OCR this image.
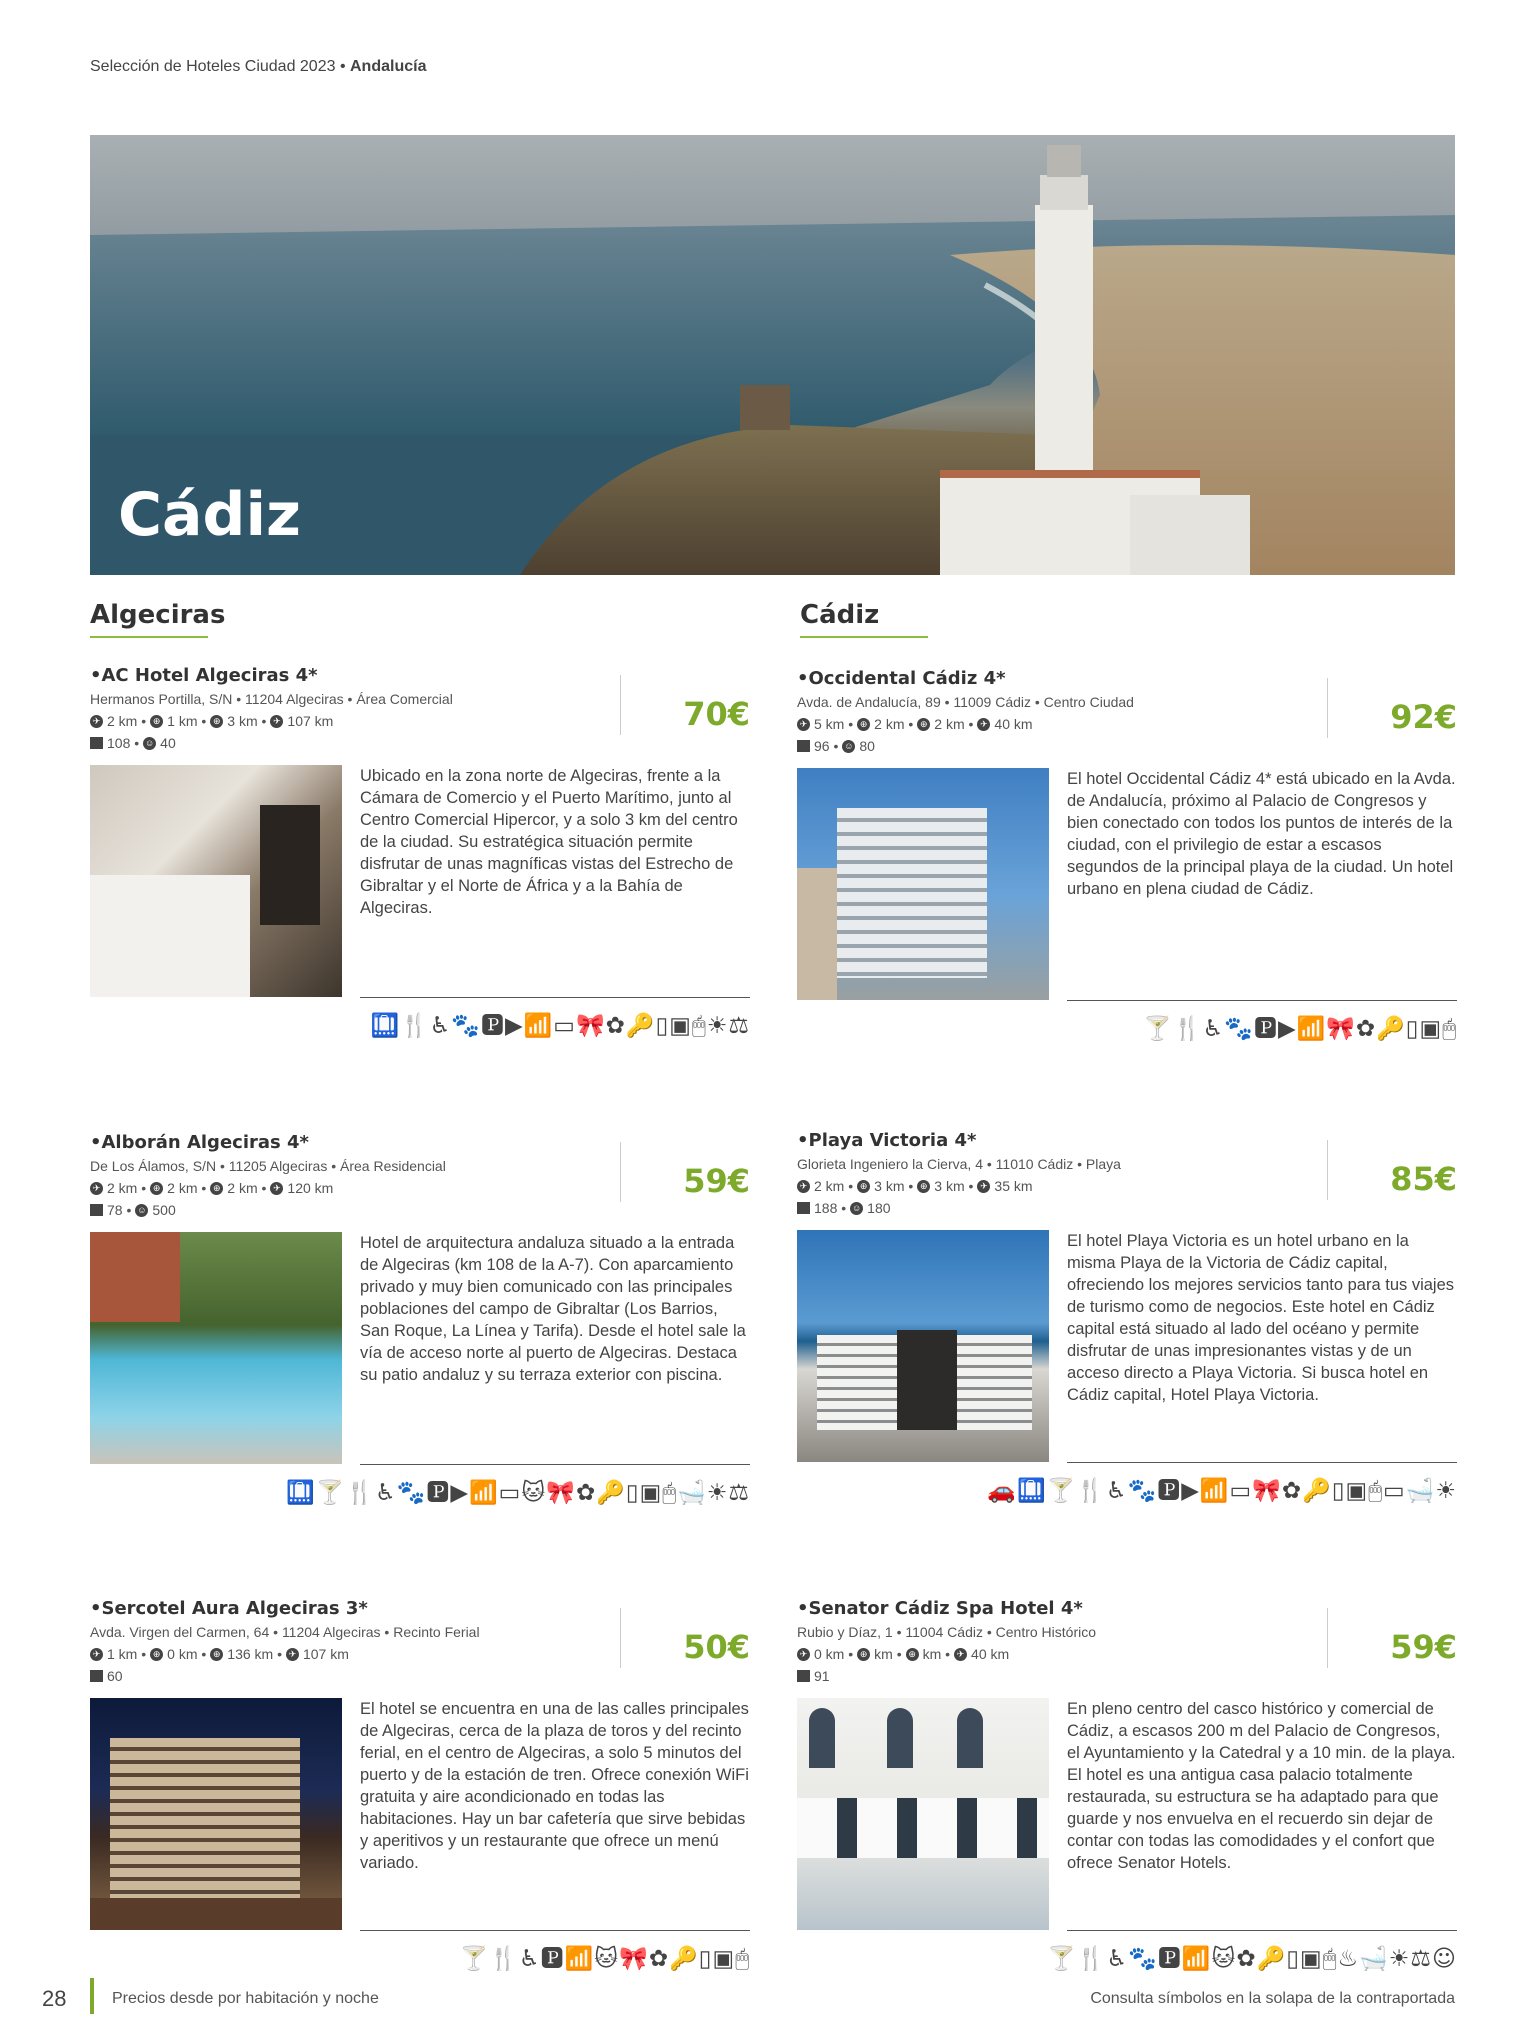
Selección de Hoteles Ciudad 2023 • Andalucía
Cádiz
Algeciras	Cádiz
•AC Hotel Algeciras 4*
Hermanos Portilla, S/N • 11204 Algeciras • Área Comercial
✈ 2 km • ⊕ 1 km • ⊕ 3 km • ✈ 107 km
108 • ☺ 40
70€
Ubicado en la zona norte de Algeciras, frente a la Cámara de Comercio y el Puerto Marítimo, junto al Centro Comercial Hipercor, y a solo 3 km del centro de la ciudad. Su estratégica situación permite disfrutar de unas magníficas vistas del Estrecho de Gibraltar y el Norte de África y a la Bahía de Algeciras.
🛄🍴♿🐾🅿▶📶▭🎀✿🔑▯▣🖱☀⚖
•Occidental Cádiz 4*
Avda. de Andalucía, 89 • 11009 Cádiz • Centro Ciudad
✈ 5 km • ⊕ 2 km • ⊕ 2 km • ✈ 40 km
96 • ☺ 80
92€
El hotel Occidental Cádiz 4* está ubicado en la Avda. de Andalucía, próximo al Palacio de Congresos y bien conectado con todos los puntos de interés de la ciudad, con el privilegio de estar a escasos segundos de la principal playa de la ciudad. Un hotel urbano en plena ciudad de Cádiz.
🍸🍴♿🐾🅿▶📶🎀✿🔑▯▣🖱
•Alborán Algeciras 4*
De Los Álamos, S/N • 11205 Algeciras • Área Residencial
✈ 2 km • ⊕ 2 km • ⊕ 2 km • ✈ 120 km
78 • ☺ 500
59€
Hotel de arquitectura andaluza situado a la entrada de Algeciras (km 108 de la A-7). Con aparcamiento privado y muy bien comunicado con las principales poblaciones del campo de Gibraltar (Los Barrios, San Roque, La Línea y Tarifa). Desde el hotel sale la vía de acceso norte al puerto de Algeciras. Destaca su patio andaluz y su terraza exterior con piscina.
🛄🍸🍴♿🐾🅿▶📶▭🐱🎀✿🔑▯▣🖱🛁☀⚖
•Playa Victoria 4*
Glorieta Ingeniero la Cierva, 4 • 11010 Cádiz • Playa
✈ 2 km • ⊕ 3 km • ⊕ 3 km • ✈ 35 km
188 • ☺ 180
85€
El hotel Playa Victoria es un hotel urbano en la misma Playa de la Victoria de Cádiz capital, ofreciendo los mejores servicios tanto para tus viajes de turismo como de negocios. Este hotel en Cádiz capital está situado al lado del océano y permite disfrutar de unas impresionantes vistas y de un acceso directo a Playa Victoria. Si busca hotel en Cádiz capital, Hotel Playa Victoria.
🚗🛄🍸🍴♿🐾🅿▶📶▭🎀✿🔑▯▣🖱▭🛁☀
•Sercotel Aura Algeciras 3*
Avda. Virgen del Carmen, 64 • 11204 Algeciras • Recinto Ferial
✈ 1 km • ⊕ 0 km • ⊕ 136 km • ✈ 107 km
60
50€
El hotel se encuentra en una de las calles principales de Algeciras, cerca de la plaza de toros y del recinto ferial, en el centro de Algeciras, a solo 5 minutos del puerto y de la estación de tren. Ofrece conexión WiFi gratuita y aire acondicionado en todas las habitaciones. Hay un bar cafetería que sirve bebidas y aperitivos y un restaurante que ofrece un menú variado.
🍸🍴♿🅿📶🐱🎀✿🔑▯▣🖱
•Senator Cádiz Spa Hotel 4*
Rubio y Díaz, 1 • 11004 Cádiz • Centro Histórico
✈ 0 km • ⊕ km • ⊕ km • ✈ 40 km
91
59€
En pleno centro del casco histórico y comercial de Cádiz, a escasos 200 m del Palacio de Congresos, el Ayuntamiento y la Catedral y a 10 min. de la playa. El hotel es una antigua casa palacio totalmente restaurada, su estructura se ha adaptado para que guarde y nos envuelva en el recuerdo sin dejar de contar con todas las comodidades y el confort que ofrece Senator Hotels.
🍸🍴♿🐾🅿📶🐱✿🔑▯▣🖱♨🛁☀⚖☺
28	Precios desde por habitación y noche	Consulta símbolos en la solapa de la contraportada
